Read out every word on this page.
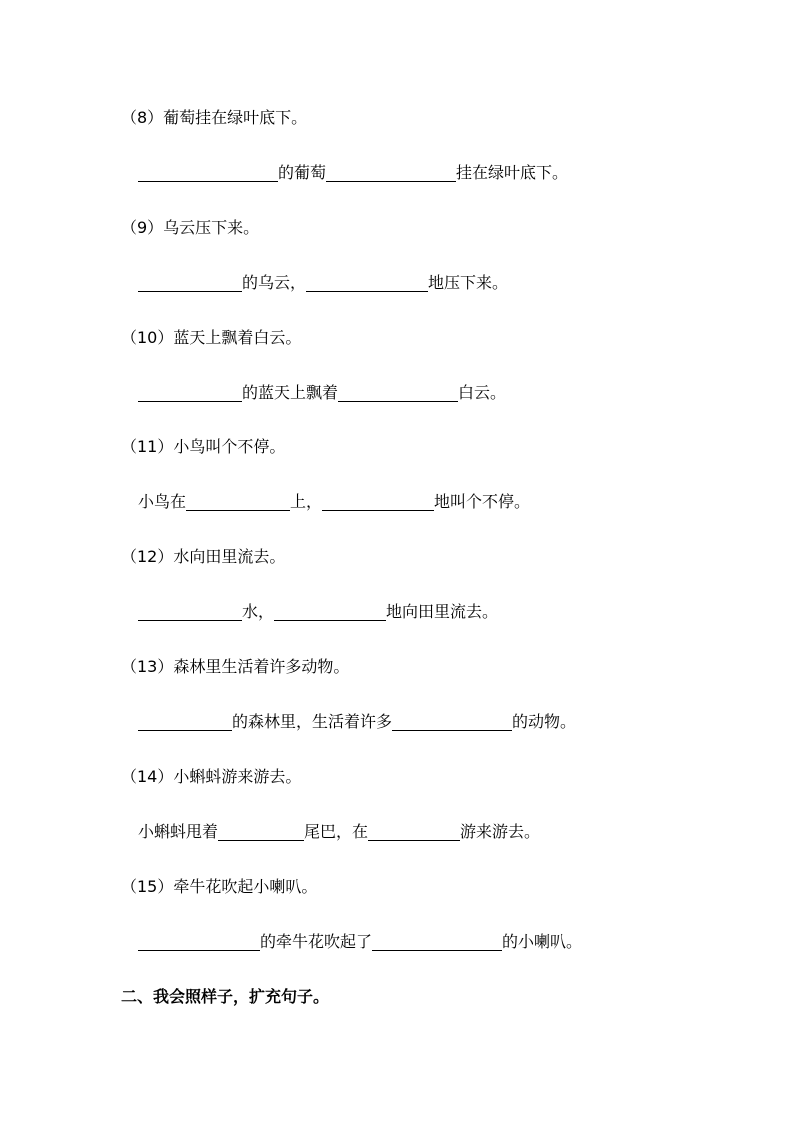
（8）葡萄挂在绿叶底下。
的葡萄	挂在绿叶底下。
（9）乌云压下来。
的乌云，	地压下来。
（10）蓝天上飘着白云。
的蓝天上飘着	白云。
（11）小鸟叫个不停。
小鸟在	上，	地叫个不停。
（12）水向田里流去。
水，	地向田里流去。
（13）森林里生活着许多动物。
的森林里，生活着许多	的动物。
（14）小蝌蚪游来游去。
小蝌蚪甩着	尾巴，在	游来游去。
（15）牵牛花吹起小喇叭。
的牵牛花吹起了	的小喇叭。
二、我会照样子，扩充句子。
